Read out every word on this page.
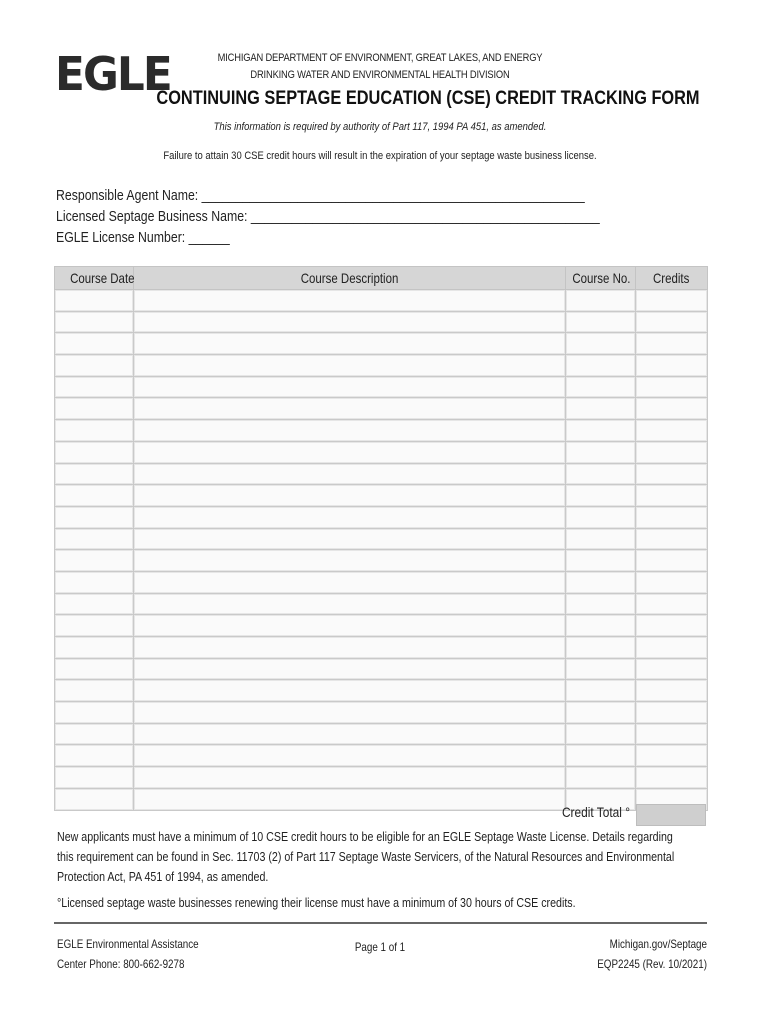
EGLE	MICHIGAN DEPARTMENT OF ENVIRONMENT, GREAT LAKES, AND ENERGY
DRINKING WATER AND ENVIRONMENTAL HEALTH DIVISION
CONTINUING SEPTAGE EDUCATION (CSE) CREDIT TRACKING FORM
This information is required by authority of Part 117, 1994 PA 451, as amended.
Failure to attain 30 CSE credit hours will result in the expiration of your septage waste business license.
Responsible Agent Name: ________________________________________________________
Licensed Septage Business Name: ___________________________________________________
EGLE License Number: ______
Course Date	Course Description	Course No.	Credits

Credit Total °
New applicants must have a minimum of 10 CSE credit hours to be eligible for an EGLE Septage Waste License. Details regarding this requirement can be found in Sec. 11703 (2) of Part 117 Septage Waste Servicers, of the Natural Resources and Environmental Protection Act, PA 451 of 1994, as amended.
°Licensed septage waste businesses renewing their license must have a minimum of 30 hours of CSE credits.
EGLE Environmental Assistance
Center Phone: 800-662-9278
Page 1 of 1	Michigan.gov/Septage
EQP2245 (Rev. 10/2021)
